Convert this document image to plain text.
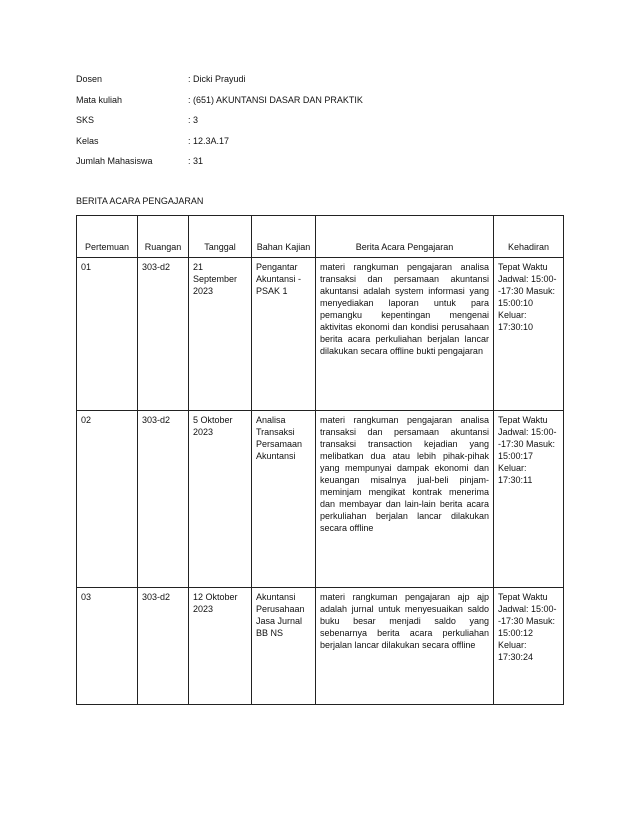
Dosen	: Dicki Prayudi
Mata kuliah	: (651) AKUNTANSI DASAR DAN PRAKTIK
SKS	: 3
Kelas	: 12.3A.17
Jumlah Mahasiswa	: 31
BERITA ACARA PENGAJARAN
Pertemuan	Ruangan	Tanggal	Bahan Kajian	Berita Acara Pengajaran	Kehadiran
01	303-d2	21 September 2023	Pengantar Akuntansi - PSAK 1	materi rangkuman pengajaran analisa transaksi dan persamaan akuntansi akuntansi adalah system informasi yang menyediakan laporan untuk para pemangku kepentingan mengenai aktivitas ekonomi dan kondisi perusahaan berita acara perkuliahan berjalan lancar dilakukan secara offline bukti pengajaran	Tepat Waktu Jadwal: 15:00--17:30 Masuk: 15:00:10 Keluar: 17:30:10
02	303-d2	5 Oktober 2023	Analisa Transaksi Persamaan Akuntansi	materi rangkuman pengajaran analisa transaksi dan persamaan akuntansi transaksi transaction kejadian yang melibatkan dua atau lebih pihak-pihak yang mempunyai dampak ekonomi dan keuangan misalnya jual-beli pinjam-meminjam mengikat kontrak menerima dan membayar dan lain-lain berita acara perkuliahan berjalan lancar dilakukan secara offline	Tepat Waktu Jadwal: 15:00--17:30 Masuk: 15:00:17 Keluar: 17:30:11
03	303-d2	12 Oktober 2023	Akuntansi Perusahaan Jasa Jurnal BB NS	materi rangkuman pengajaran ajp ajp adalah jurnal untuk menyesuaikan saldo buku besar menjadi saldo yang sebenarnya berita acara perkuliahan berjalan lancar dilakukan secara offline	Tepat Waktu Jadwal: 15:00--17:30 Masuk: 15:00:12 Keluar: 17:30:24
